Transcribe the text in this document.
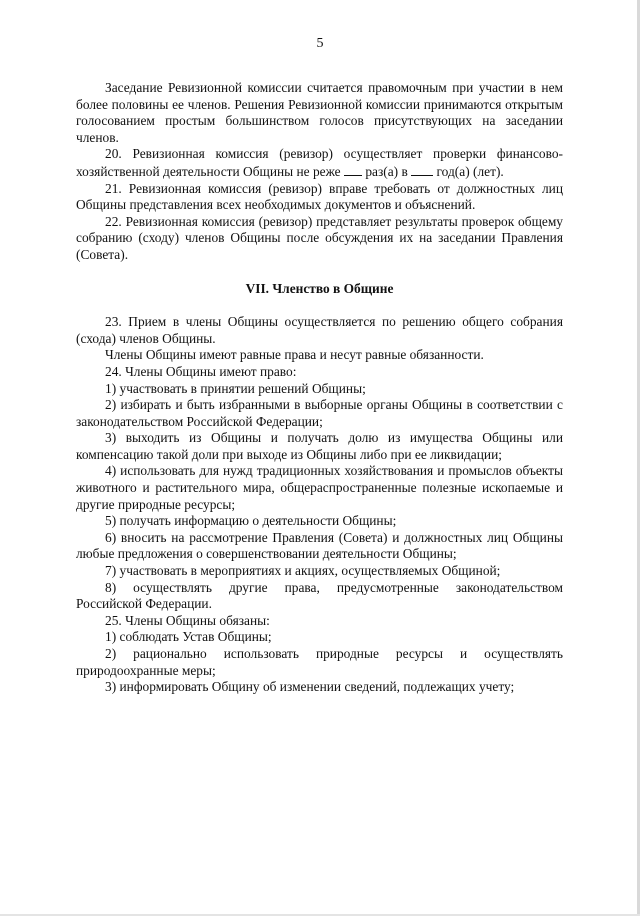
5

Заседание Ревизионной комиссии считается правомочным при участии в нем более половины ее членов. Решения Ревизионной комиссии принимаются открытым голосованием простым большинством голосов присутствующих на заседании членов.

20. Ревизионная комиссия (ревизор) осуществляет проверки финансово-хозяйственной деятельности Общины не реже раз(а) в год(а) (лет).

21. Ревизионная комиссия (ревизор) вправе требовать от должностных лиц Общины представления всех необходимых документов и объяснений.

22. Ревизионная комиссия (ревизор) представляет результаты проверок общему собранию (сходу) членов Общины после обсуждения их на заседании Правления (Совета).

VII. Членство в Общине

23. Прием в члены Общины осуществляется по решению общего собрания (схода) членов Общины.

Члены Общины имеют равные права и несут равные обязанности.

24. Члены Общины имеют право:

1) участвовать в принятии решений Общины;

2) избирать и быть избранными в выборные органы Общины в соответствии с законодательством Российской Федерации;

3) выходить из Общины и получать долю из имущества Общины или компенсацию такой доли при выходе из Общины либо при ее ликвидации;

4) использовать для нужд традиционных хозяйствования и промыслов объекты животного и растительного мира, общераспространенные полезные ископаемые и другие природные ресурсы;

5) получать информацию о деятельности Общины;

6) вносить на рассмотрение Правления (Совета) и должностных лиц Общины любые предложения о совершенствовании деятельности Общины;

7) участвовать в мероприятиях и акциях, осуществляемых Общиной;

8) осуществлять другие права, предусмотренные законодательством Российской Федерации.

25. Члены Общины обязаны:

1) соблюдать Устав Общины;

2) рационально использовать природные ресурсы и осуществлять природоохранные меры;

3) информировать Общину об изменении сведений, подлежащих учету;
